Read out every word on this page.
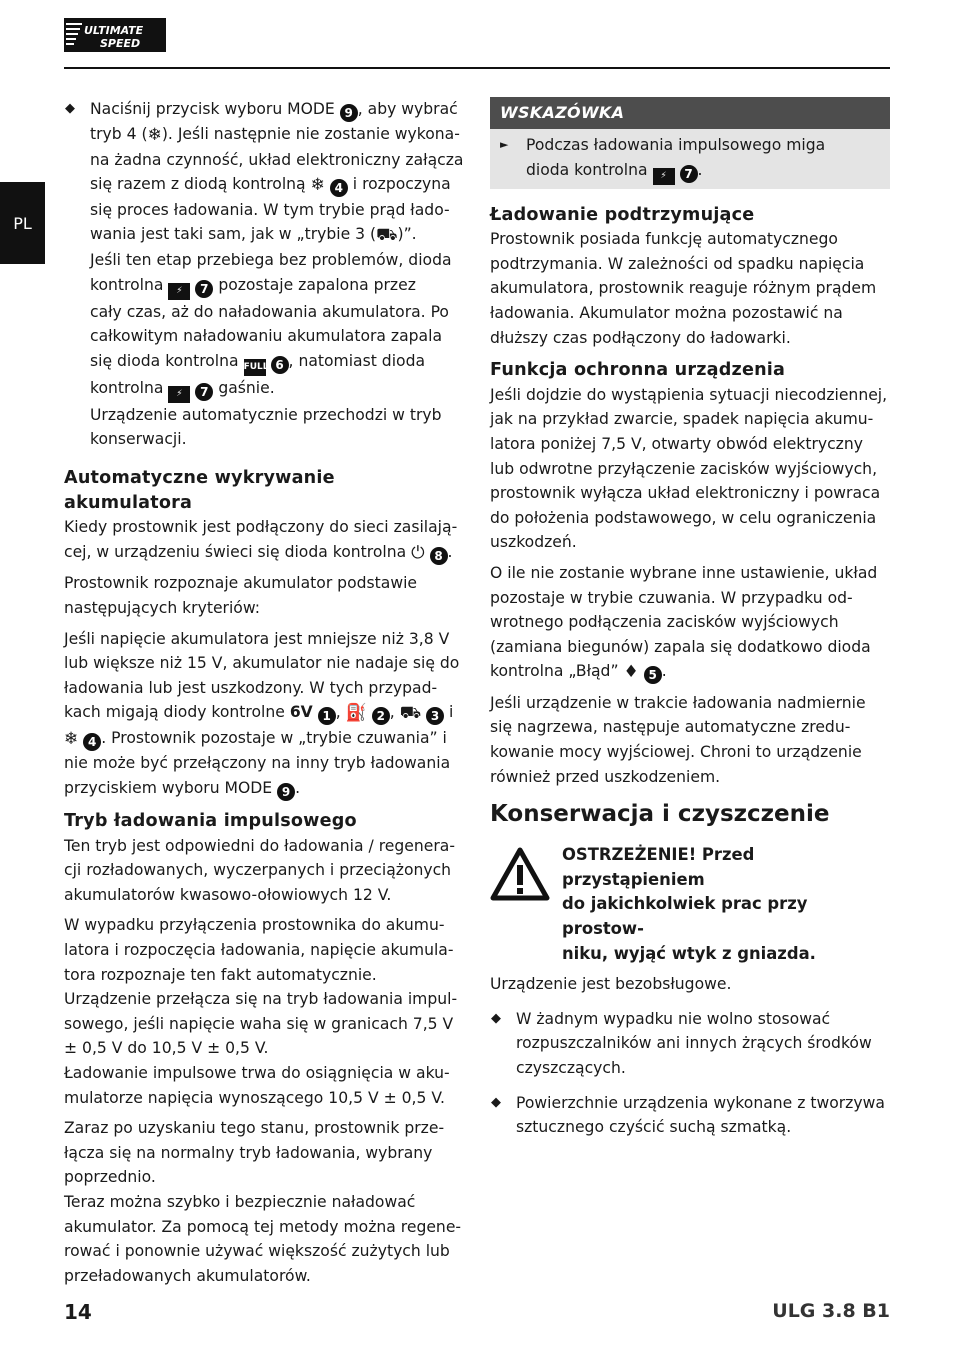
ULTIMATE
SPEED
PL
◆ Naciśnij przycisk wyboru MODE 9 , aby wybrać

tryb 4 (❄). Jeśli następnie nie zostanie wykona-

na żadna czynność, układ elektroniczny załącza

się razem z diodą kontrolną ❄ 4 i rozpoczyna

się proces ładowania. W tym trybie prąd łado-

wania jest taki sam, jak w „trybie 3 (⛟)”.

Jeśli ten etap przebiega bez problemów, dioda

kontrolna ⚡ 7 pozostaje zapalona przez

cały czas, aż do naładowania akumulatora. Po

całkowitym naładowaniu akumulatora zapala

się dioda kontrolna FULL 6 , natomiast dioda

kontrolna ⚡ 7 gaśnie.

Urządzenie automatycznie przechodzi w tryb

konserwacji.

Automatyczne wykrywanie

akumulatora

Kiedy prostownik jest podłączony do sieci zasilają-

cej, w urządzeniu świeci się dioda kontrolna ⏻ 8 .

Prostownik rozpoznaje akumulator podstawie

następujących kryteriów:

Jeśli napięcie akumulatora jest mniejsze niż 3,8 V

lub większe niż 15 V, akumulator nie nadaje się do

ładowania lub jest uszkodzony. W tych przypad-

kach migają diody kontrolne 6V 1 , ⛽ 2 , ⛟ 3 i

❄ 4 . Prostownik pozostaje w „trybie czuwania” i

nie może być przełączony na inny tryb ładowania

przyciskiem wyboru MODE 9 .

Tryb ładowania impulsowego

Ten tryb jest odpowiedni do ładowania / regenera-

cji rozładowanych, wyczerpanych i przeciążonych

akumulatorów kwasowo-ołowiowych 12 V.

W wypadku przyłączenia prostownika do akumu-

latora i rozpoczęcia ładowania, napięcie akumula-

tora rozpoznaje ten fakt automatycznie.

Urządzenie przełącza się na tryb ładowania impul-

sowego, jeśli napięcie waha się w granicach 7,5 V

± 0,5 V do 10,5 V ± 0,5 V.

Ładowanie impulsowe trwa do osiągnięcia w aku-

mulatorze napięcia wynoszącego 10,5 V ± 0,5 V.

Zaraz po uzyskaniu tego stanu, prostownik prze-

łącza się na normalny tryb ładowania, wybrany

poprzednio.

Teraz można szybko i bezpiecznie naładować

akumulator. Za pomocą tej metody można regene-

rować i ponownie używać większość zużytych lub

przeładowanych akumulatorów.

WSKAZÓWKA
► Podczas ładowania impulsowego miga

dioda kontrolna ⚡ 7 .

Ładowanie podtrzymujące

Prostownik posiada funkcję automatycznego

podtrzymania. W zależności od spadku napięcia

akumulatora, prostownik reaguje różnym prądem

ładowania. Akumulator można pozostawić na

dłuższy czas podłączony do ładowarki.

Funkcja ochronna urządzenia

Jeśli dojdzie do wystąpienia sytuacji niecodziennej,

jak na przykład zwarcie, spadek napięcia akumu-

latora poniżej 7,5 V, otwarty obwód elektryczny

lub odwrotne przyłączenie zacisków wyjściowych,

prostownik wyłącza układ elektroniczny i powraca

do położenia podstawowego, w celu ograniczenia

uszkodzeń.

O ile nie zostanie wybrane inne ustawienie, układ

pozostaje w trybie czuwania. W przypadku od-

wrotnego podłączenia zacisków wyjściowych

(zamiana biegunów) zapala się dodatkowo dioda

kontrolna „Błąd” ♦ 5 .

Jeśli urządzenie w trakcie ładowania nadmiernie

się nagrzewa, następuje automatyczne zredu-

kowanie mocy wyjściowej. Chroni to urządzenie

również przed uszkodzeniem.

Konserwacja i czyszczenie

OSTRZEŻENIE! Przed przystąpieniem

do jakichkolwiek prac przy prostow-

niku, wyjąć wtyk z gniazda.

Urządzenie jest bezobsługowe.

◆ W żadnym wypadku nie wolno stosować

rozpuszczalników ani innych żrących środków

czyszczących.

◆ Powierzchnie urządzenia wykonane z tworzywa

sztucznego czyścić suchą szmatką.

14	ULG 3.8 B1
